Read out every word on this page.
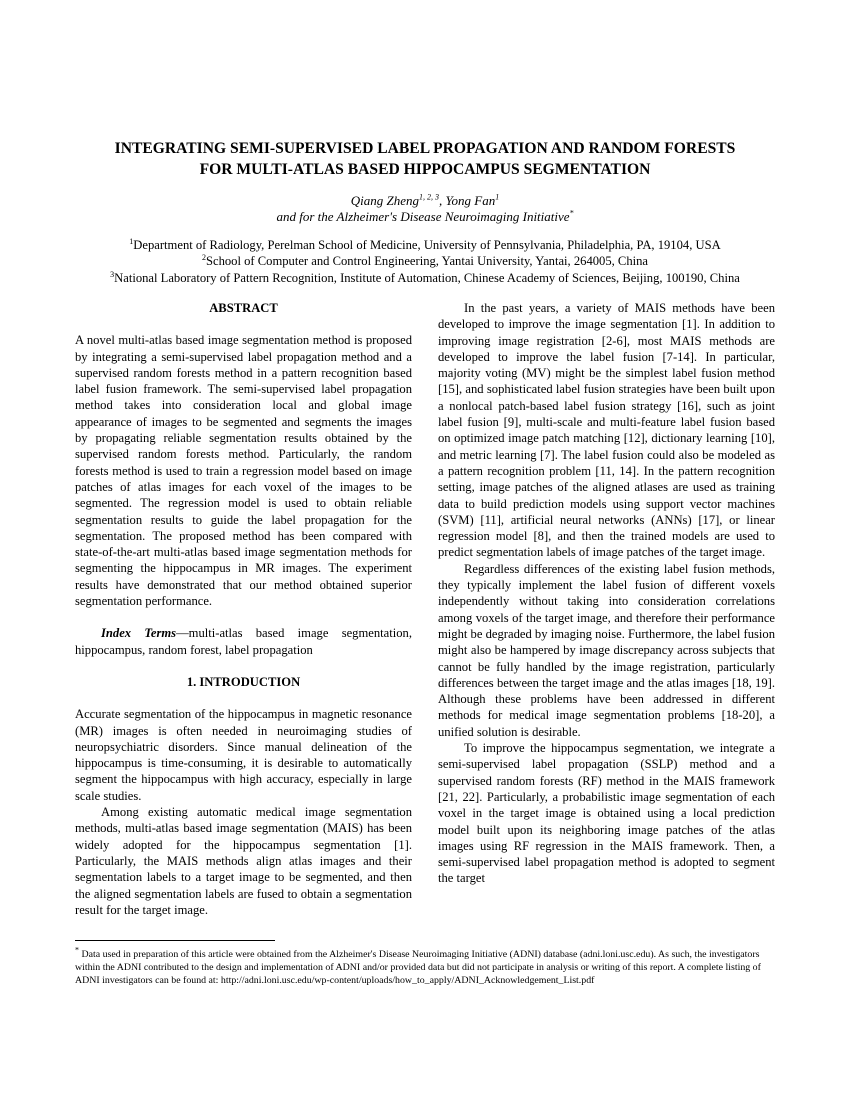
INTEGRATING SEMI-SUPERVISED LABEL PROPAGATION AND RANDOM FORESTS
FOR MULTI-ATLAS BASED HIPPOCAMPUS SEGMENTATION
Qiang Zheng$^{1, 2, 3}$, Yong Fan$^1$
and for the Alzheimer's Disease Neuroimaging Initiative*
$^1$Department of Radiology, Perelman School of Medicine, University of Pennsylvania, Philadelphia, PA, 19104, USA
$^2$School of Computer and Control Engineering, Yantai University, Yantai, 264005, China
$^3$National Laboratory of Pattern Recognition, Institute of Automation, Chinese Academy of Sciences, Beijing, 100190, China
ABSTRACT

A novel multi-atlas based image segmentation method is proposed by integrating a semi-supervised label propagation method and a supervised random forests method in a pattern recognition based label fusion framework. The semi-supervised label propagation method takes into consideration local and global image appearance of images to be segmented and segments the images by propagating reliable segmentation results obtained by the supervised random forests method. Particularly, the random forests method is used to train a regression model based on image patches of atlas images for each voxel of the images to be segmented. The regression model is used to obtain reliable segmentation results to guide the label propagation for the segmentation. The proposed method has been compared with state-of-the-art multi-atlas based image segmentation methods for segmenting the hippocampus in MR images. The experiment results have demonstrated that our method obtained superior segmentation performance.

Index Terms—multi-atlas based image segmentation, hippocampus, random forest, label propagation

1. INTRODUCTION

Accurate segmentation of the hippocampus in magnetic resonance (MR) images is often needed in neuroimaging studies of neuropsychiatric disorders. Since manual delineation of the hippocampus is time-consuming, it is desirable to automatically segment the hippocampus with high accuracy, especially in large scale studies.

Among existing automatic medical image segmentation methods, multi-atlas based image segmentation (MAIS) has been widely adopted for the hippocampus segmentation [1]. Particularly, the MAIS methods align atlas images and their segmentation labels to a target image to be segmented, and then the aligned segmentation labels are fused to obtain a segmentation result for the target image.

In the past years, a variety of MAIS methods have been developed to improve the image segmentation [1]. In addition to improving image registration [2-6], most MAIS methods are developed to improve the label fusion [7-14]. In particular, majority voting (MV) might be the simplest label fusion method [15], and sophisticated label fusion strategies have been built upon a nonlocal patch-based label fusion strategy [16], such as joint label fusion [9], multi-scale and multi-feature label fusion based on optimized image patch matching [12], dictionary learning [10], and metric learning [7]. The label fusion could also be modeled as a pattern recognition problem [11, 14]. In the pattern recognition setting, image patches of the aligned atlases are used as training data to build prediction models using support vector machines (SVM) [11], artificial neural networks (ANNs) [17], or linear regression model [8], and then the trained models are used to predict segmentation labels of image patches of the target image.

Regardless differences of the existing label fusion methods, they typically implement the label fusion of different voxels independently without taking into consideration correlations among voxels of the target image, and therefore their performance might be degraded by imaging noise. Furthermore, the label fusion might also be hampered by image discrepancy across subjects that cannot be fully handled by the image registration, particularly differences between the target image and the atlas images [18, 19]. Although these problems have been addressed in different methods for medical image segmentation problems [18-20], a unified solution is desirable.

To improve the hippocampus segmentation, we integrate a semi-supervised label propagation (SSLP) method and a supervised random forests (RF) method in the MAIS framework [21, 22]. Particularly, a probabilistic image segmentation of each voxel in the target image is obtained using a local prediction model built upon its neighboring image patches of the atlas images using RF regression in the MAIS framework. Then, a semi-supervised label propagation method is adopted to segment the target

* Data used in preparation of this article were obtained from the Alzheimer's Disease Neuroimaging Initiative (ADNI) database (adni.loni.usc.edu). As such, the investigators within the ADNI contributed to the design and implementation of ADNI and/or provided data but did not participate in analysis or writing of this report. A complete listing of ADNI investigators can be found at: http://adni.loni.usc.edu/wp-content/uploads/how_to_apply/ADNI_Acknowledgement_List.pdf
